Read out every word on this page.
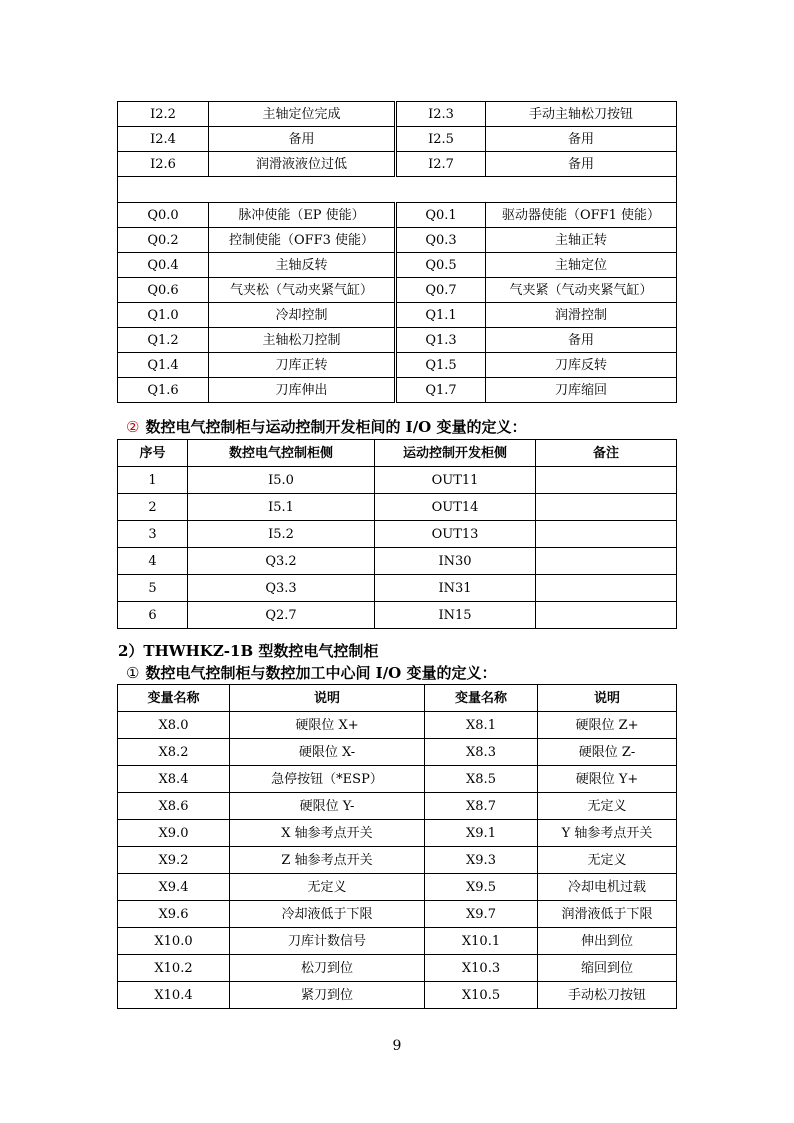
I2.2	主轴定位完成	I2.3	手动主轴松刀按钮
I2.4	备用	I2.5	备用
I2.6	润滑液液位过低	I2.7	备用

Q0.0	脉冲使能（EP 使能）	Q0.1	驱动器使能（OFF1 使能）
Q0.2	控制使能（OFF3 使能）	Q0.3	主轴正转
Q0.4	主轴反转	Q0.5	主轴定位
Q0.6	气夹松（气动夹紧气缸）	Q0.7	气夹紧（气动夹紧气缸）
Q1.0	冷却控制	Q1.1	润滑控制
Q1.2	主轴松刀控制	Q1.3	备用
Q1.4	刀库正转	Q1.5	刀库反转
Q1.6	刀库伸出	Q1.7	刀库缩回
② 数控电气控制柜与运动控制开发柜间的 I/O 变量的定义：
序号	数控电气控制柜侧	运动控制开发柜侧	备注
1	I5.0	OUT11	
2	I5.1	OUT14	
3	I5.2	OUT13	
4	Q3.2	IN30	
5	Q3.3	IN31	
6	Q2.7	IN15	
2）THWHKZ-1B 型数控电气控制柜
① 数控电气控制柜与数控加工中心间 I/O 变量的定义：
变量名称	说明	变量名称	说明
X8.0	硬限位 X+	X8.1	硬限位 Z+
X8.2	硬限位 X-	X8.3	硬限位 Z-
X8.4	急停按钮（*ESP）	X8.5	硬限位 Y+
X8.6	硬限位 Y-	X8.7	无定义
X9.0	X 轴参考点开关	X9.1	Y 轴参考点开关
X9.2	Z 轴参考点开关	X9.3	无定义
X9.4	无定义	X9.5	冷却电机过载
X9.6	冷却液低于下限	X9.7	润滑液低于下限
X10.0	刀库计数信号	X10.1	伸出到位
X10.2	松刀到位	X10.3	缩回到位
X10.4	紧刀到位	X10.5	手动松刀按钮
9
